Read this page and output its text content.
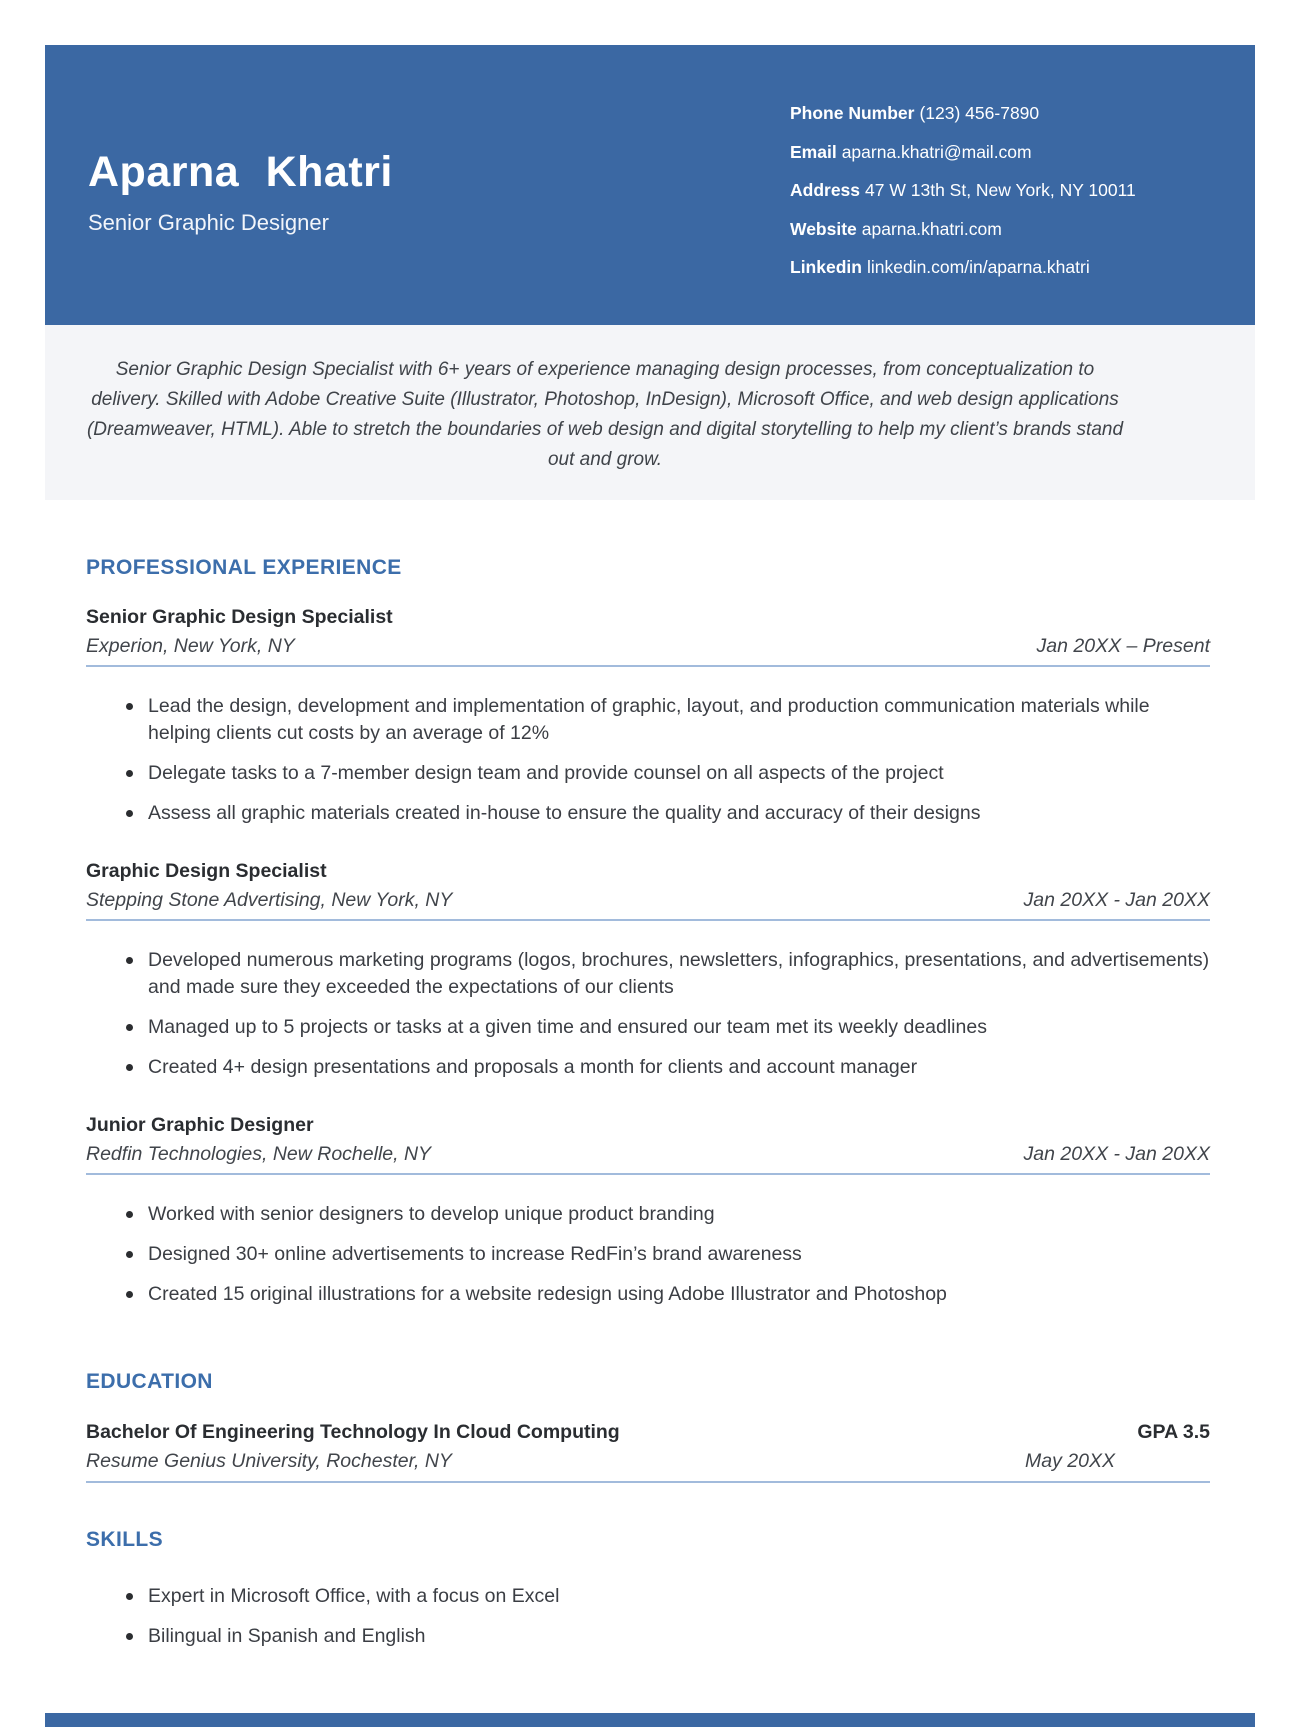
Aparna Khatri
Senior Graphic Designer
Phone Number (123) 456-7890
Email aparna.khatri@mail.com
Address 47 W 13th St, New York, NY 10011
Website aparna.khatri.com
Linkedin linkedin.com/in/aparna.khatri

Senior Graphic Design Specialist with 6+ years of experience managing design processes, from conceptualization to delivery. Skilled with Adobe Creative Suite (Illustrator, Photoshop, InDesign), Microsoft Office, and web design applications (Dreamweaver, HTML). Able to stretch the boundaries of web design and digital storytelling to help my client’s brands stand out and grow.

PROFESSIONAL EXPERIENCE
Senior Graphic Design Specialist
Experion, New York, NY	Jan 20XX – Present
Lead the design, development and implementation of graphic, layout, and production communication materials while helping clients cut costs by an average of 12%
Delegate tasks to a 7-member design team and provide counsel on all aspects of the project
Assess all graphic materials created in-house to ensure the quality and accuracy of their designs
Graphic Design Specialist
Stepping Stone Advertising, New York, NY	Jan 20XX - Jan 20XX
Developed numerous marketing programs (logos, brochures, newsletters, infographics, presentations, and advertisements) and made sure they exceeded the expectations of our clients
Managed up to 5 projects or tasks at a given time and ensured our team met its weekly deadlines
Created 4+ design presentations and proposals a month for clients and account manager
Junior Graphic Designer
Redfin Technologies, New Rochelle, NY	Jan 20XX - Jan 20XX
Worked with senior designers to develop unique product branding
Designed 30+ online advertisements to increase RedFin’s brand awareness
Created 15 original illustrations for a website redesign using Adobe Illustrator and Photoshop
EDUCATION
Bachelor Of Engineering Technology In Cloud Computing	GPA 3.5
Resume Genius University, Rochester, NY	May 20XX
SKILLS
Expert in Microsoft Office, with a focus on Excel
Bilingual in Spanish and English
